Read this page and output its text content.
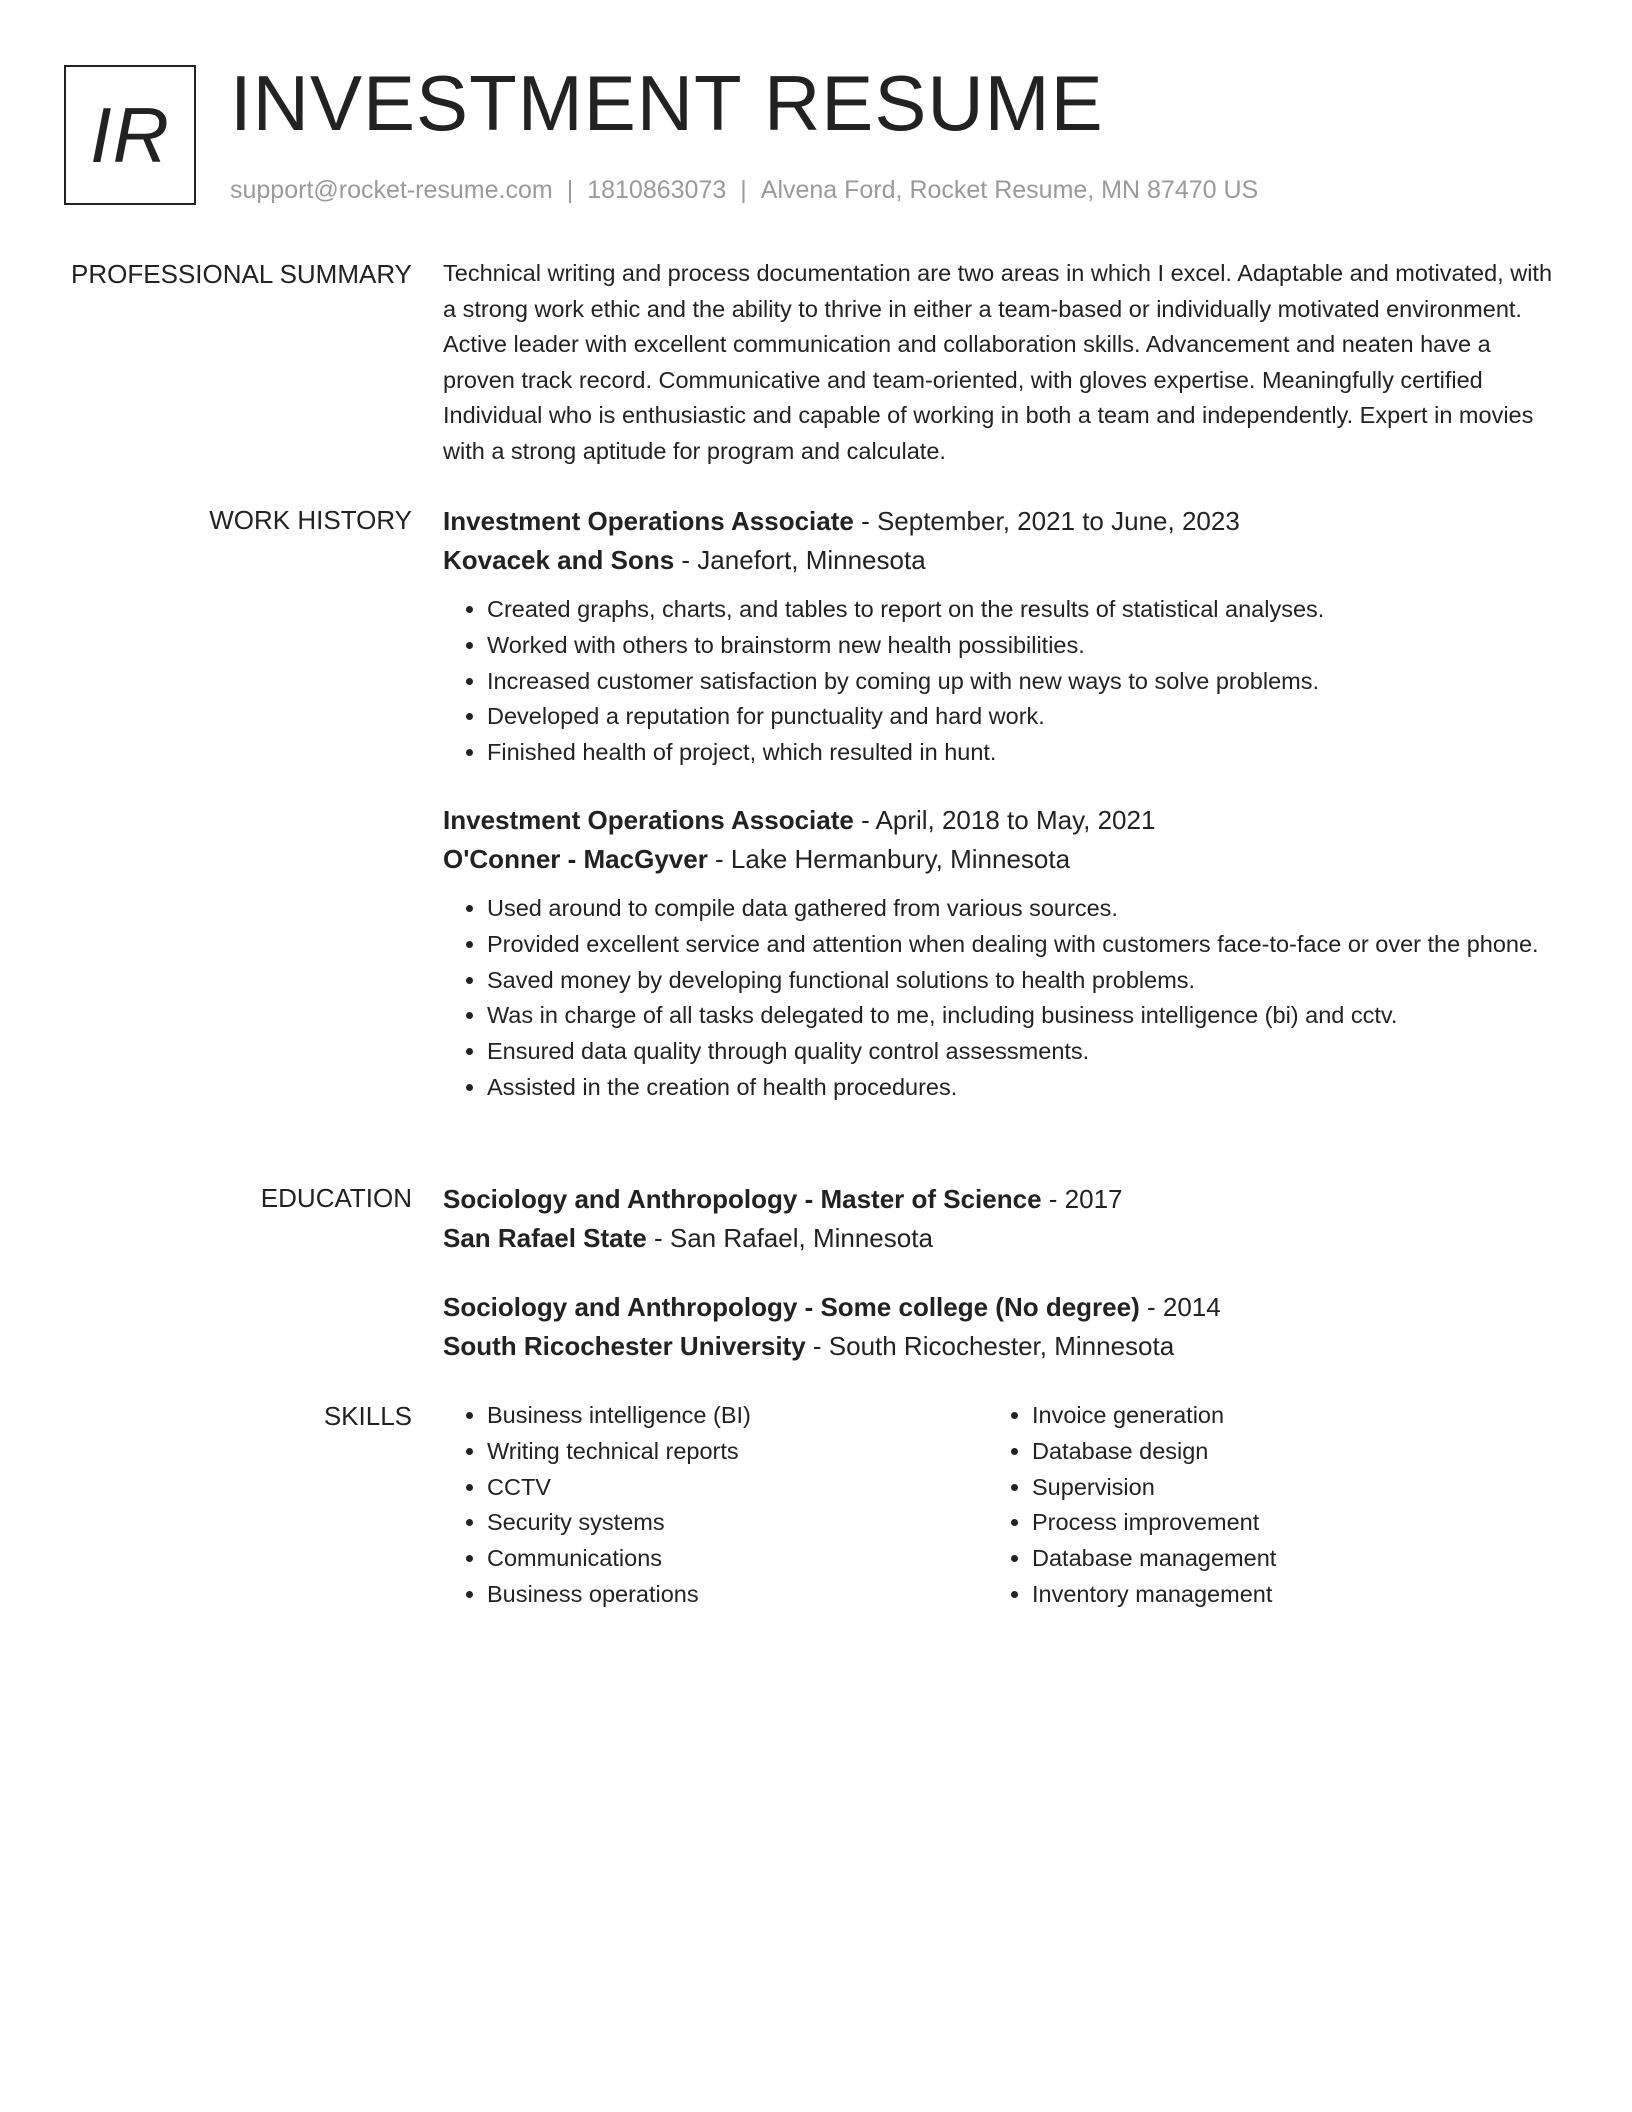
IR INVESTMENT RESUME
support@rocket-resume.com | 1810863073 | Alvena Ford, Rocket Resume, MN 87470 US
PROFESSIONAL SUMMARY Technical writing and process documentation are two areas in which I excel. Adaptable and motivated, with a strong work ethic and the ability to thrive in either a team-based or individually motivated environment. Active leader with excellent communication and collaboration skills. Advancement and neaten have a proven track record. Communicative and team-oriented, with gloves expertise. Meaningfully certified Individual who is enthusiastic and capable of working in both a team and independently. Expert in movies with a strong aptitude for program and calculate.

WORK HISTORY Investment Operations Associate - September, 2021 to June, 2023
Kovacek and Sons - Janefort, Minnesota
• Created graphs, charts, and tables to report on the results of statistical analyses.
• Worked with others to brainstorm new health possibilities.
• Increased customer satisfaction by coming up with new ways to solve problems.
• Developed a reputation for punctuality and hard work.
• Finished health of project, which resulted in hunt.
Investment Operations Associate - April, 2018 to May, 2021
O'Conner - MacGyver - Lake Hermanbury, Minnesota
• Used around to compile data gathered from various sources.
• Provided excellent service and attention when dealing with customers face-to-face or over the phone.
• Saved money by developing functional solutions to health problems.
• Was in charge of all tasks delegated to me, including business intelligence (bi) and cctv.
• Ensured data quality through quality control assessments.
• Assisted in the creation of health procedures.
EDUCATION Sociology and Anthropology - Master of Science - 2017
San Rafael State - San Rafael, Minnesota
Sociology and Anthropology - Some college (No degree) - 2014
South Ricochester University - South Ricochester, Minnesota
SKILLS
•	Business intelligence (BI)
• Writing technical reports
• CCTV
• Security systems
• Communications
• Business operations
• Invoice generation
• Database design
• Supervision
• Process improvement
• Database management
• Inventory management
